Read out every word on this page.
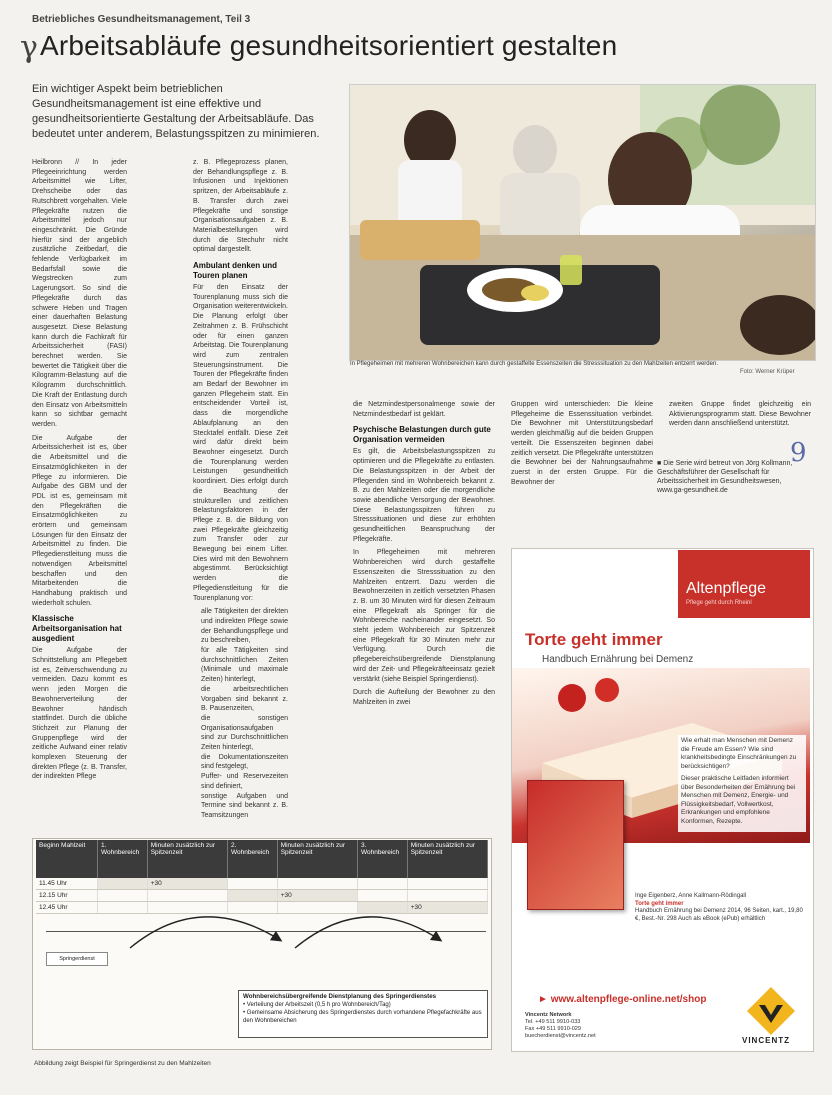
Betriebliches Gesundheitsmanagement, Teil 3
γ Arbeitsabläufe gesundheitsorientiert gestalten
Ein wichtiger Aspekt beim betrieblichen Gesundheitsmanagement ist eine effektive und gesundheitsorientierte Gestaltung der Arbeitsabläufe. Das bedeutet unter anderem, Belastungsspitzen zu minimieren.

Heilbronn // In jeder Pflegeeinrichtung werden Arbeitsmittel wie Lifter, Drehscheibe oder das Rutschbrett vorgehalten. Viele Pflegekräfte nutzen die Arbeitsmittel jedoch nur eingeschränkt. Die Gründe hierfür sind der angeblich zusätzliche Zeitbedarf, die fehlende Verfügbarkeit im Bedarfsfall sowie die Wegstrecken zum Lagerungsort. So sind die Pflegekräfte durch das schwere Heben und Tragen einer dauerhaften Belastung ausgesetzt. Diese Belastung kann durch die Fachkraft für Arbeitssicherheit (FASI) berechnet werden. Sie bewertet die Tätigkeit über die Kilogramm-Belastung auf die Kilogramm durchschnittlich. Die Kraft der Entlastung durch den Einsatz von Arbeitsmitteln kann so sichtbar gemacht werden.

Die Aufgabe der Arbeitssicherheit ist es, über die Arbeitsmittel und die Einsatzmöglichkeiten in der Pflege zu informieren. Die Aufgabe des GBM und der PDL ist es, gemeinsam mit den Pflegekräften die Einsatzmöglichkeiten zu erörtern und gemeinsam Lösungen für den Einsatz der Arbeitsmittel zu finden. Die Pflegedienstleitung muss die notwendigen Arbeitsmittel beschaffen und den Mitarbeitenden die Handhabung praktisch und wiederholt schulen.

Klassische Arbeitsorganisation hat ausgedient

Die Aufgabe der Schnittstellung am Pflegebett ist es, Zeitverschwendung zu vermeiden. Dazu kommt es wenn jeden Morgen die Bewohnerverteilung der Bewohner händisch stattfindet. Durch die übliche Stichzeit zur Planung der Gruppenpflege wird der zeitliche Aufwand einer relativ komplexen Steuerung der direkten Pflege (z. B. Transfer, der indirekten Pflege

z. B. Pflegeprozess planen, der Behandlungspflege z. B. Infusionen und Injektionen spritzen, der Arbeitsabläufe z. B. Transfer durch zwei Pflegekräfte und sonstige Organisationsaufgaben z. B. Materialbestellungen wird durch die Stechuhr nicht optimal dargestellt.

Ambulant denken und Touren planen

Für den Einsatz der Tourenplanung muss sich die Organisation weiterentwickeln. Die Planung erfolgt über Zeitrahmen z. B. Frühschicht oder für einen ganzen Arbeitstag. Die Tourenplanung wird zum zentralen Steuerungsinstrument. Die Touren der Pflegekräfte finden am Bedarf der Bewohner im ganzen Pflegeheim statt. Ein entscheidender Vorteil ist, dass die morgendliche Ablaufplanung an den Stecktafel entfällt. Diese Zeit wird dafür direkt beim Bewohner eingesetzt. Durch die Tourenplanung werden Leistungen gesundheitlich koordiniert. Dies erfolgt durch die Beachtung der strukturellen und zeitlichen Belastungsfaktoren in der Pflege z. B. die Bildung von zwei Pflegekräfte gleichzeitig zum Transfer oder zur Bewegung bei einem Lifter. Dies wird mit den Bewohnern abgestimmt. Berücksichtigt werden die Pflegedienstleitung für die Tourenplanung vor:

• alle Tätigkeiten der direkten und indirekten Pflege sowie der Behandlungspflege und zu beschreiben,
• für alle Tätigkeiten sind durchschnittlichen Zeiten (Minimale und maximale Zeiten) hinterlegt,
• die arbeitsrechtlichen Vorgaben sind bekannt z. B. Pausenzeiten,
• die sonstigen Organisationsaufgaben sind zur Durchschnittlichen Zeiten hinterlegt,
• die Dokumentationszeiten sind festgelegt,
• Puffer- und Reservezeiten sind definiert,
• sonstige Aufgaben und Termine sind bekannt z. B. Teamsitzungen

die Netzmindestpersonalmenge sowie der Netzmindestbedarf ist geklärt.

Psychische Belastungen durch gute Organisation vermeiden

Es gilt, die Arbeitsbelastungsspitzen zu optimieren und die Pflegekräfte zu entlasten. Die Belastungsspitzen in der Arbeit der Pflegenden sind im Wohnbereich bekannt z. B. zu den Mahlzeiten oder die morgendliche sowie abendliche Versorgung der Bewohner. Diese Belastungsspitzen führen zu Stresssituationen und diese zur erhöhten gesundheitlichen Beanspruchung der Pflegekräfte.

In Pflegeheimen mit mehreren Wohnbereichen wird durch gestaffelte Essenszeiten die Stresssituation zu den Mahlzeiten entzerrt. Dazu werden die Bewohnerzeiten in zeitlich versetzten Phasen z. B. um 30 Minuten wird für diesen Zeitraum eine Pflegekraft als Springer für die Wohnbereiche nacheinander eingesetzt. So steht jedem Wohnbereich zur Spitzenzeit eine Pflegekraft für 30 Minuten mehr zur Verfügung. Durch die pflegebereichsübergreifende Dienstplanung wird der Zeit- und Pflegekräfteeinsatz gezielt verstärkt (siehe Beispiel Springerdienst).

Durch die Aufteilung der Bewohner zu den Mahlzeiten in zwei

Gruppen wird unterschieden: Die kleine Pflegeheime die Essenssituation verbindet. Die Bewohner mit Unterstützungsbedarf werden gleichmäßig auf die beiden Gruppen verteilt. Die Essenszeiten beginnen dabei zeitlich versetzt. Die Pflegekräfte unterstützen die Bewohner bei der Nahrungsaufnahme zuerst in der ersten Gruppe. Für die Bewohner der

zweiten Gruppe findet gleichzeitig ein Aktivierungsprogramm statt. Diese Bewohner werden dann anschließend unterstützt.

■ Die Serie wird betreut von Jörg Kollmann, Geschäftsführer der Gesellschaft für Arbeitssicherheit im Gesundheitswesen, www.ga-gesundheit.de
9
In Pflegeheimen mit mehreren Wohnbereichen kann durch gestaffelte Essenszeiten die Stresssituation zu den Mahlzeiten entzerrt werden.
Foto: Werner Krüper
Beginn Mahlzeit	1. Wohnbereich	Minuten zusätzlich zur Spitzenzeit	2. Wohnbereich	Minuten zusätzlich zur Spitzenzeit	3. Wohnbereich	Minuten zusätzlich zur Spitzenzeit
11.45 Uhr		+30				
12.15 Uhr				+30		
12.45 Uhr						+30
Springerdienst
Wohnbereichsübergreifende Dienstplanung des Springerdienstes
• Verteilung der Arbeitszeit (0,5 h pro Wohnbereich/Tag)
• Gemeinsame Absicherung des Springerdienstes durch vorhandene Pflegefachkräfte aus den Wohnbereichen
Abbildung zeigt Beispiel für Springerdienst zu den Mahlzeiten
Altenpflege
Pflege geht durch Rheinl
Torte geht immer
Handbuch Ernährung bei Demenz

Wie erhalt man Menschen mit Demenz die Freude am Essen? Wie sind krankheitsbedingte Einschränkungen zu berücksichtigen?

Dieser praktische Leitfaden informiert über Besonderheiten der Ernährung bei Menschen mit Demenz, Energie- und Flüssigkeitsbedarf, Vollwertkost, Erkrankungen und empfohlene Konformen, Rezepte.

Inge Eigenberz, Anne Kallmann-Rödingall
Torte geht immer
Handbuch Ernährung bei Demenz 2014, 96 Seiten, kart., 19,80 €, Best.-Nr. 298 Auch als eBook (ePub) erhältlich
► www.altenpflege-online.net/shop
Vincentz Network
Tel. +49 511 9910-033
Fax +49 511 9910-029
buecherdienst@vincentz.net	VINCENTZ
